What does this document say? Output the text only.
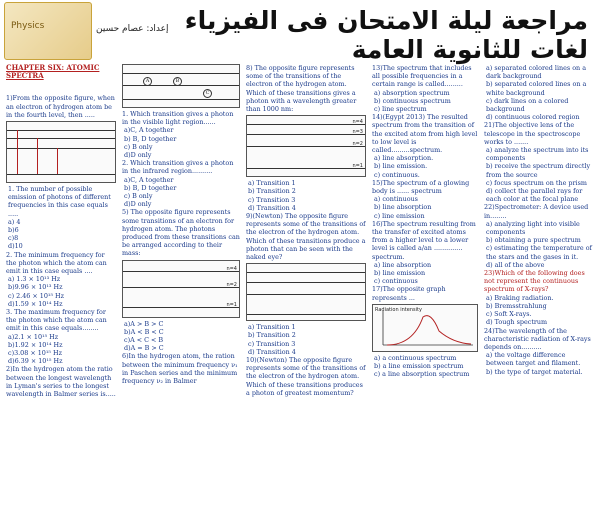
Physics	إعداد: عصام حسين مراجعة ليلة الامتحان فى الفيزياء لغات للثانوية العامة

CHAPTER SIX: ATOMIC SPECTRA

1)From the opposite figure, when an electron of hydrogen atom be in the fourth level, then .....

1. The number of possible emission of photons of different frequencies in this case equals .....

a) 4

b)6

c)8

d)10

2. The minimum frequency for the photon which the atom can emit in this case equals ....

a) 1.3 × 10¹³ Hz

b)9.96 × 10¹³ Hz

c) 2.46 × 10¹⁵ Hz

d)1.59 × 10¹⁴ Hz

3. The maximum frequency for the photon which the atom can emit in this case equals........

a)2.1 × 10¹⁵ Hz

b)1.92 × 10¹⁴ Hz

c)3.08 × 10¹⁵ Hz

d)6.39 × 10¹⁵ Hz

2)In the hydrogen atom the ratio between the longest wavelength in Lyman's series to the longest wavelength in Balmer series is.....

A	B
C

1. Which transition gives a photon in the visible light region......

a)C, A together

b) B, D together

c) B only

d)D only

2. Which transition gives a photon in the infrared region..........

a)C, A together

b) B, D together

c) B only

d)D only

5) The opposite figure represents some transitions of an electron for hydrogen atom. The photons produced from these transitions can be arranged according to their mass:

n=4
n=2
n=1

a)A > B > C

b)A < B < C

c)A < C < B

d)A = B > C

6)In the hydrogen atom, the ration between the minimum frequency ν₁ in Paschen series and the minimum frequency ν₂ in Balmer

8) The opposite figure represents some of the transitions of the electron of the hydrogen atom. Which of these transitions gives a photon with a wavelength greater than 1000 nm:

n=4
n=3
n=2
n=1

a) Transition 1

b) Transition 2

c) Transition 3

d) Transition 4

9)(Newton) The opposite figure represents some of the transitions of the electron of the hydrogen atom. Which of these transitions produce a photon that can be seen with the naked eye?

a) Transition 1

b) Transition 2

c) Transition 3

d) Transition 4

10)(Newton) The opposite figure represents some of the transitions of the electron of the hydrogen atom. Which of these transitions produces a photon of greatest momentum?

13)The spectrum that includes all possible frequencies in a certain range is called.........

a) absorption spectrum

b) continuous spectrum

c) line spectrum

14)(Egypt 2013) The resulted spectrum from the transition of the excited atom from high level to low level is called.........spectrum.

a) line absorption.

b) line emission.

c) continuous.

15)The spectrum of a glowing body is ...... spectrum

a) continuous

b) line absorption

c) line emission

16)The spectrum resulting from the transfer of excited atoms from a higher level to a lower level is called a/an .............. spectrum.

a) line absorption

b) line emission

c) continuous

17)The opposite graph represents ...

Radiation intensity

a) a continuous spectrum

b) a line emission spectrum

c) a line absorption spectrum

a) separated colored lines on a dark background

b) separated colored lines on a white background

c) dark lines on a colored background

d) continuous colored region

21)The objective lens of the telescope in the spectroscope works to .......

a) analyze the spectrum into its components

b) receive the spectrum directly from the source

c) focus spectrum on the prism

d) collect the parallel rays for each color at the focal plane

22)Spectrometer: A device used in........

a) analyzing light into visible components

b) obtaining a pure spectrum

c) estimating the temperature of the stars and the gases in it.

d) all of the above

23)Which of the following does not represent the continuous spectrum of X-rays?

a) Braking radiation.

b) Bremsstrahlung

c) Soft X-rays.

d) Tough spectrum

24)The wavelength of the characteristic radiation of X-rays depends on..........

a) the voltage difference between target and filament.

b) the type of target material.
